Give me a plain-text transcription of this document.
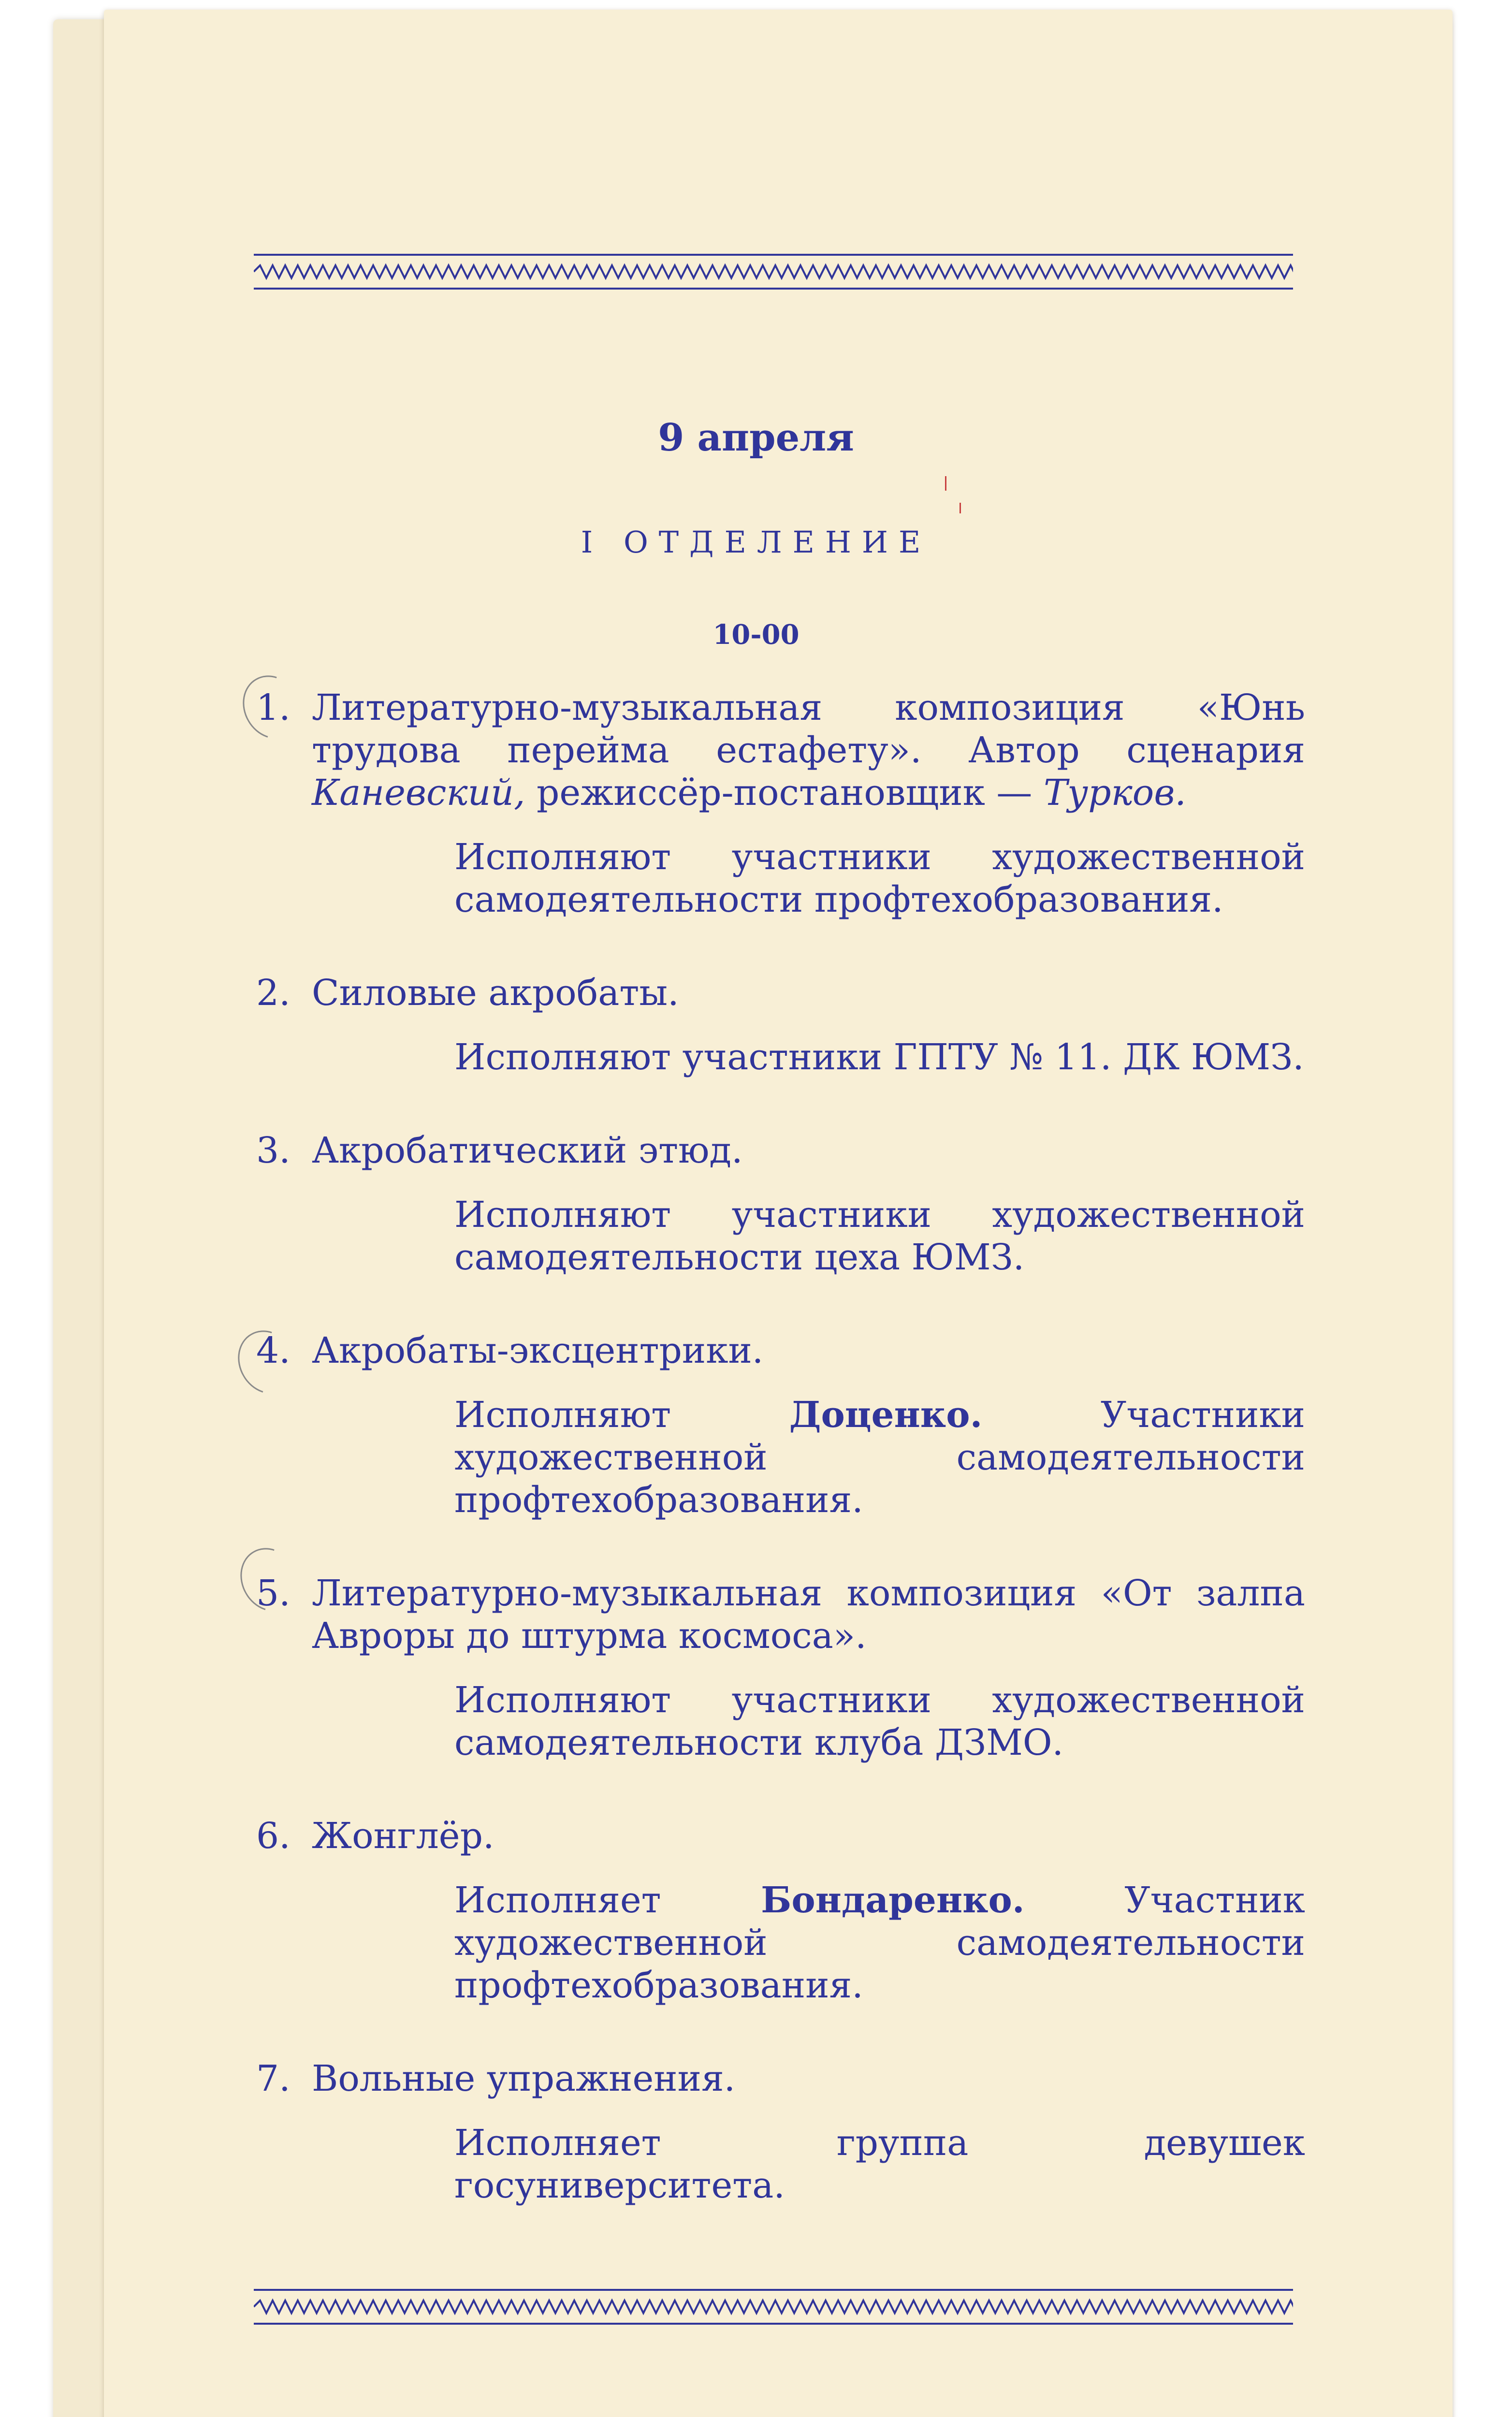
9 апреля
I ОТДЕЛЕНИЕ
10-00
1. Литературно-музыкальная композиция «Юнь трудова перейма естафету». Автор сценария Каневский, режиссёр-постановщик — Турков.
Исполняют участники художественной самодеятельности профтехобразования.
2. Силовые акробаты.
Исполняют участники ГПТУ № 11. ДК ЮМЗ.
3. Акробатический этюд.
Исполняют участники художественной самодеятельности цеха ЮМЗ.
4. Акробаты-эксцентрики.
Исполняют Доценко. Участники художественной самодеятельности профтехобразования.
5. Литературно-музыкальная композиция «От залпа Авроры до штурма космоса».
Исполняют участники художественной самодеятельности клуба ДЗМО.
6. Жонглёр.
Исполняет Бондаренко. Участник художественной самодеятельности профтехобразования.
7. Вольные упражнения.
Исполняет группа девушек госуниверситета.
